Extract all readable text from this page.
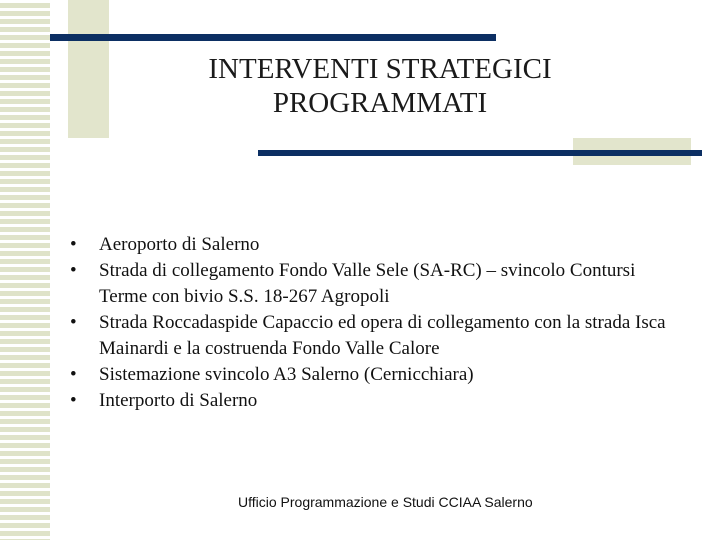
INTERVENTI STRATEGICI
PROGRAMMATI
• Aeroporto di Salerno
• Strada di collegamento Fondo Valle Sele (SA-RC) – svincolo Contursi Terme con bivio S.S. 18-267 Agropoli
• Strada Roccadaspide Capaccio ed opera di collegamento con la strada Isca Mainardi e la costruenda Fondo Valle Calore
• Sistemazione svincolo A3 Salerno (Cernicchiara)
• Interporto di Salerno
Ufficio Programmazione e Studi CCIAA Salerno
